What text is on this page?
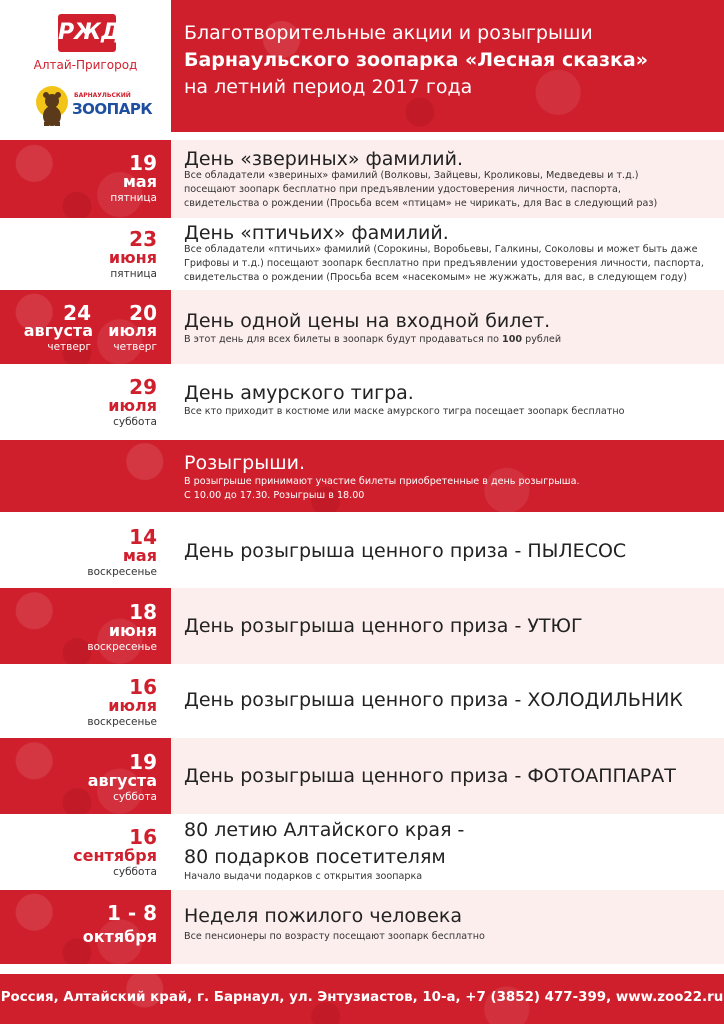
РЖД
Алтай-Пригород
БАРНАУЛЬСКИЙ
ЗООПАРК
Благотворительные акции и розыгрыши
Барнаульского зоопарка «Лесная сказка»
на летний период 2017 года
19
мая
пятница
День «звериных» фамилий.
Все обладатели «звериных» фамилий (Волковы, Зайцевы, Кроликовы, Медведевы и т.д.)
посещают зоопарк бесплатно при предъявлении удостоверения личности, паспорта,
свидетельства о рождении (Просьба всем «птицам» не чирикать, для Вас в следующий раз)
23
июня
пятница
День «птичьих» фамилий.
Все обладатели «птичьих» фамилий (Сорокины, Воробьевы, Галкины, Соколовы и может быть даже
Грифовы и т.д.) посещают зоопарк бесплатно при предъявлении удостоверения личности, паспорта,
свидетельства о рождении (Просьба всем «насекомым» не жужжать, для вас, в следующем году)
24
августа
четверг
20
июля
четверг
День одной цены на входной билет.
В этот день для всех билеты в зоопарк будут продаваться по 100 рублей
29
июля
суббота
День амурского тигра.
Все кто приходит в костюме или маске амурского тигра посещает зоопарк бесплатно
Розыгрыши.
В розыгрыше принимают участие билеты приобретенные в день розыгрыша.
С 10.00 до 17.30. Розыгрыш в 18.00
14
мая
воскресенье
День розыгрыша ценного приза - ПЫЛЕСОС
18
июня
воскресенье
День розыгрыша ценного приза - УТЮГ
16
июля
воскресенье
День розыгрыша ценного приза - ХОЛОДИЛЬНИК
19
августа
суббота
День розыгрыша ценного приза - ФОТОАППАРАТ
16
сентября
суббота
80 летию Алтайского края -
80 подарков посетителям
Начало выдачи подарков с открытия зоопарка
1 - 8
октября
Неделя пожилого человека
Все пенсионеры по возрасту посещают зоопарк бесплатно
Россия, Алтайский край, г. Барнаул, ул. Энтузиастов, 10-а, +7 (3852) 477-399, www.zoo22.ru
